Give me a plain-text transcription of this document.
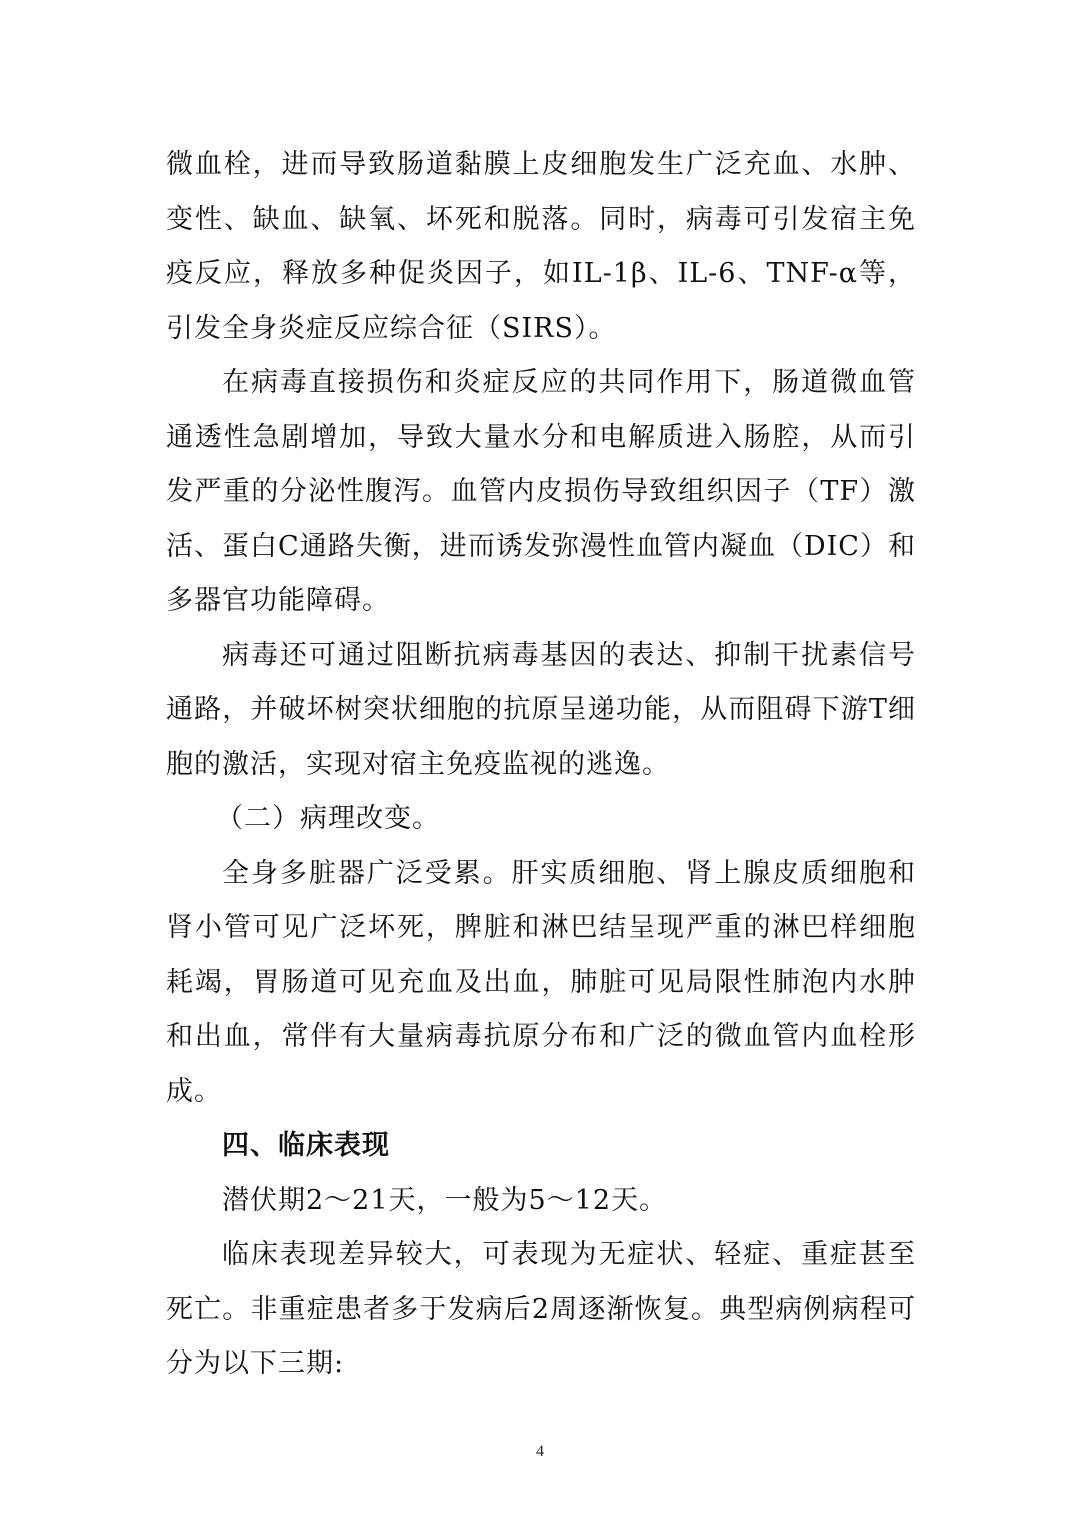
微血栓，进而导致肠道黏膜上皮细胞发生广泛充血、水肿、变性、缺血、缺氧、坏死和脱落。同时，病毒可引发宿主免疫反应，释放多种促炎因子，如IL-1β、IL-6、TNF-α等，引发全身炎症反应综合征（SIRS）。

在病毒直接损伤和炎症反应的共同作用下，肠道微血管通透性急剧增加，导致大量水分和电解质进入肠腔，从而引发严重的分泌性腹泻。血管内皮损伤导致组织因子（TF）激活、蛋白C通路失衡，进而诱发弥漫性血管内凝血（DIC）和多器官功能障碍。

病毒还可通过阻断抗病毒基因的表达、抑制干扰素信号通路，并破坏树突状细胞的抗原呈递功能，从而阻碍下游T细胞的激活，实现对宿主免疫监视的逃逸。

（二）病理改变。

全身多脏器广泛受累。肝实质细胞、肾上腺皮质细胞和肾小管可见广泛坏死，脾脏和淋巴结呈现严重的淋巴样细胞耗竭，胃肠道可见充血及出血，肺脏可见局限性肺泡内水肿和出血，常伴有大量病毒抗原分布和广泛的微血管内血栓形成。

四、临床表现

潜伏期2～21天，一般为5～12天。

临床表现差异较大，可表现为无症状、轻症、重症甚至死亡。非重症患者多于发病后2周逐渐恢复。典型病例病程可分为以下三期:

4
